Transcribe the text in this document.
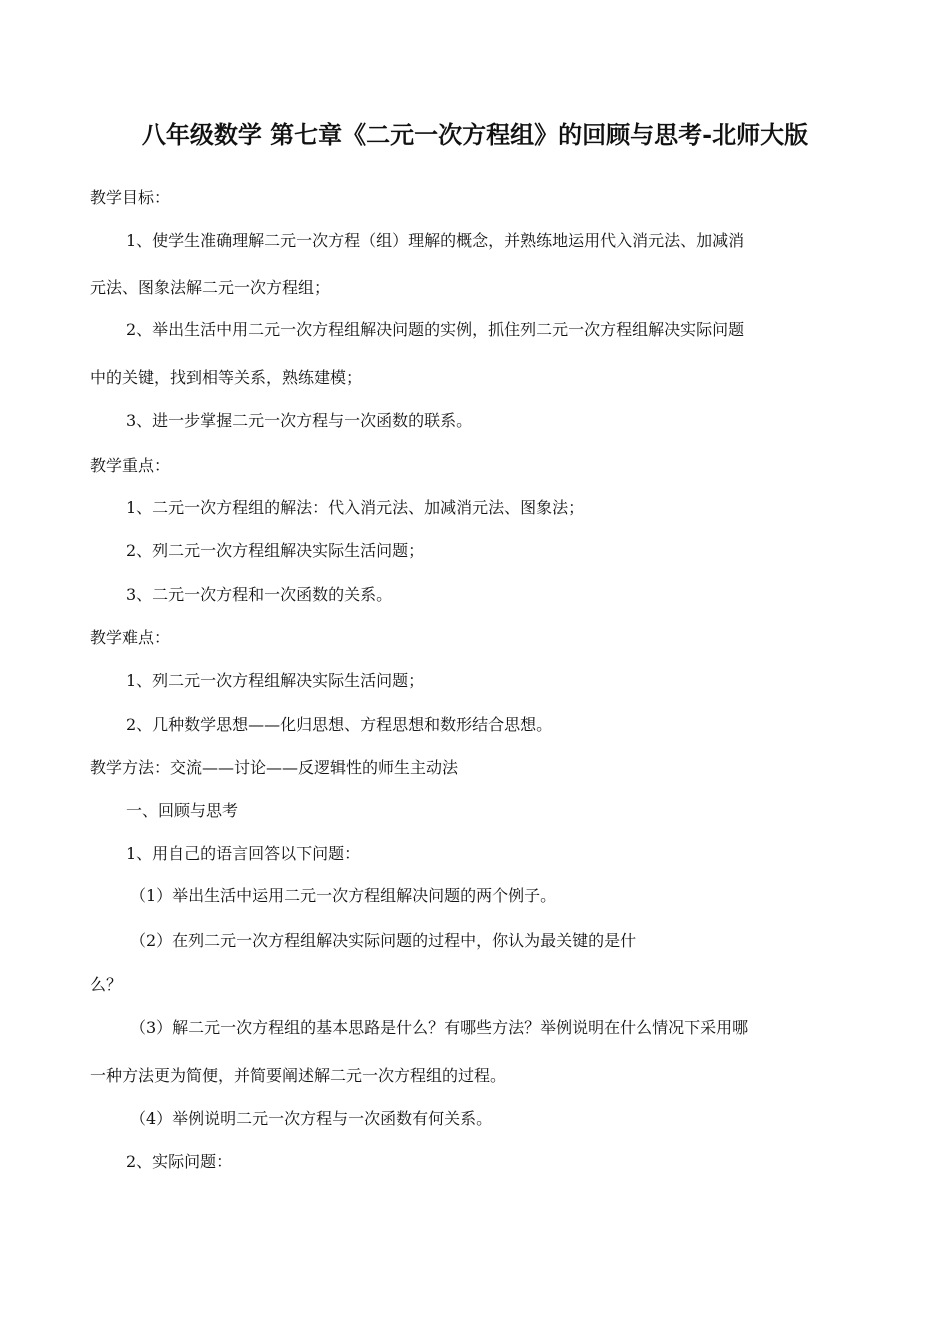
八年级数学 第七章《二元一次方程组》的回顾与思考-北师大版
教学目标：
1、使学生准确理解二元一次方程（组）理解的概念，并熟练地运用代入消元法、加减消
元法、图象法解二元一次方程组；
2、举出生活中用二元一次方程组解决问题的实例，抓住列二元一次方程组解决实际问题
中的关键，找到相等关系，熟练建模；
3、进一步掌握二元一次方程与一次函数的联系。
教学重点：
1、二元一次方程组的解法：代入消元法、加减消元法、图象法；
2、列二元一次方程组解决实际生活问题；
3、二元一次方程和一次函数的关系。
教学难点：
1、列二元一次方程组解决实际生活问题；
2、几种数学思想——化归思想、方程思想和数形结合思想。
教学方法：交流——讨论——反逻辑性的师生主动法
一、回顾与思考
1、用自己的语言回答以下问题：
（1）举出生活中运用二元一次方程组解决问题的两个例子。
（2）在列二元一次方程组解决实际问题的过程中，你认为最关键的是什
么？
（3）解二元一次方程组的基本思路是什么？有哪些方法？举例说明在什么情况下采用哪
一种方法更为简便，并简要阐述解二元一次方程组的过程。
（4）举例说明二元一次方程与一次函数有何关系。
2、实际问题：
